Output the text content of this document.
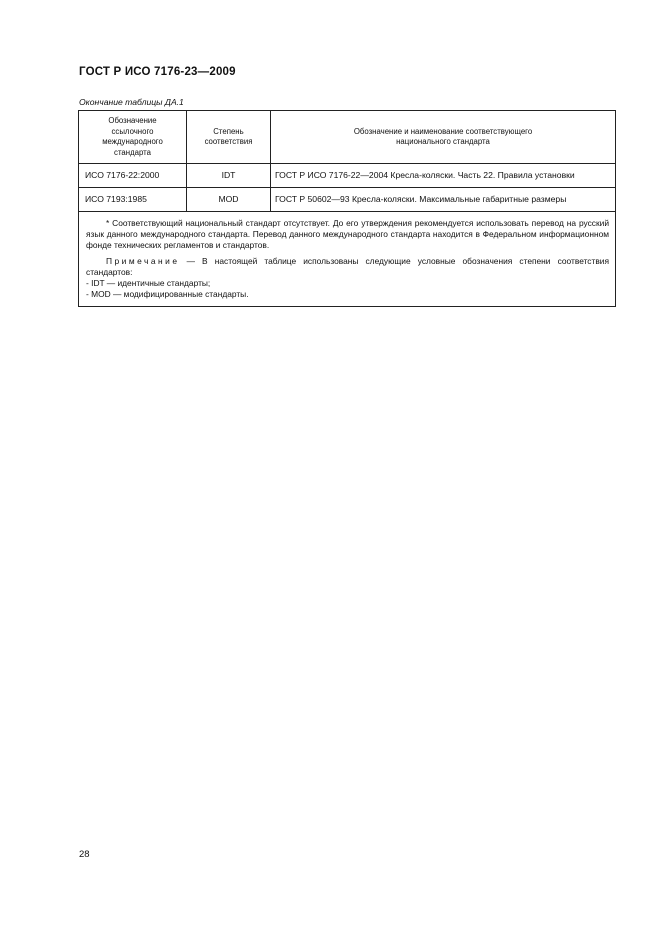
ГОСТ Р ИСО 7176-23—2009
Окончание таблицы ДА.1
Обозначение ссылочного международного стандарта	Степень соответствия	Обозначение и наименование соответствующего национального стандарта
ИСО 7176-22:2000	IDT	ГОСТ Р ИСО 7176-22—2004 Кресла-коляски. Часть 22. Правила установки
ИСО 7193:1985	MOD	ГОСТ Р 50602—93 Кресла-коляски. Максимальные габаритные размеры

* Соответствующий национальный стандарт отсутствует. До его утверждения рекомендуется использовать перевод на русский язык данного международного стандарта. Перевод данного международного стандарта находится в Федеральном информационном фонде технических регламентов и стандартов.

Примечание — В настоящей таблице использованы следующие условные обозначения степени соответствия стандартов:

- IDT — идентичные стандарты;

- MOD — модифицированные стандарты.		

28
